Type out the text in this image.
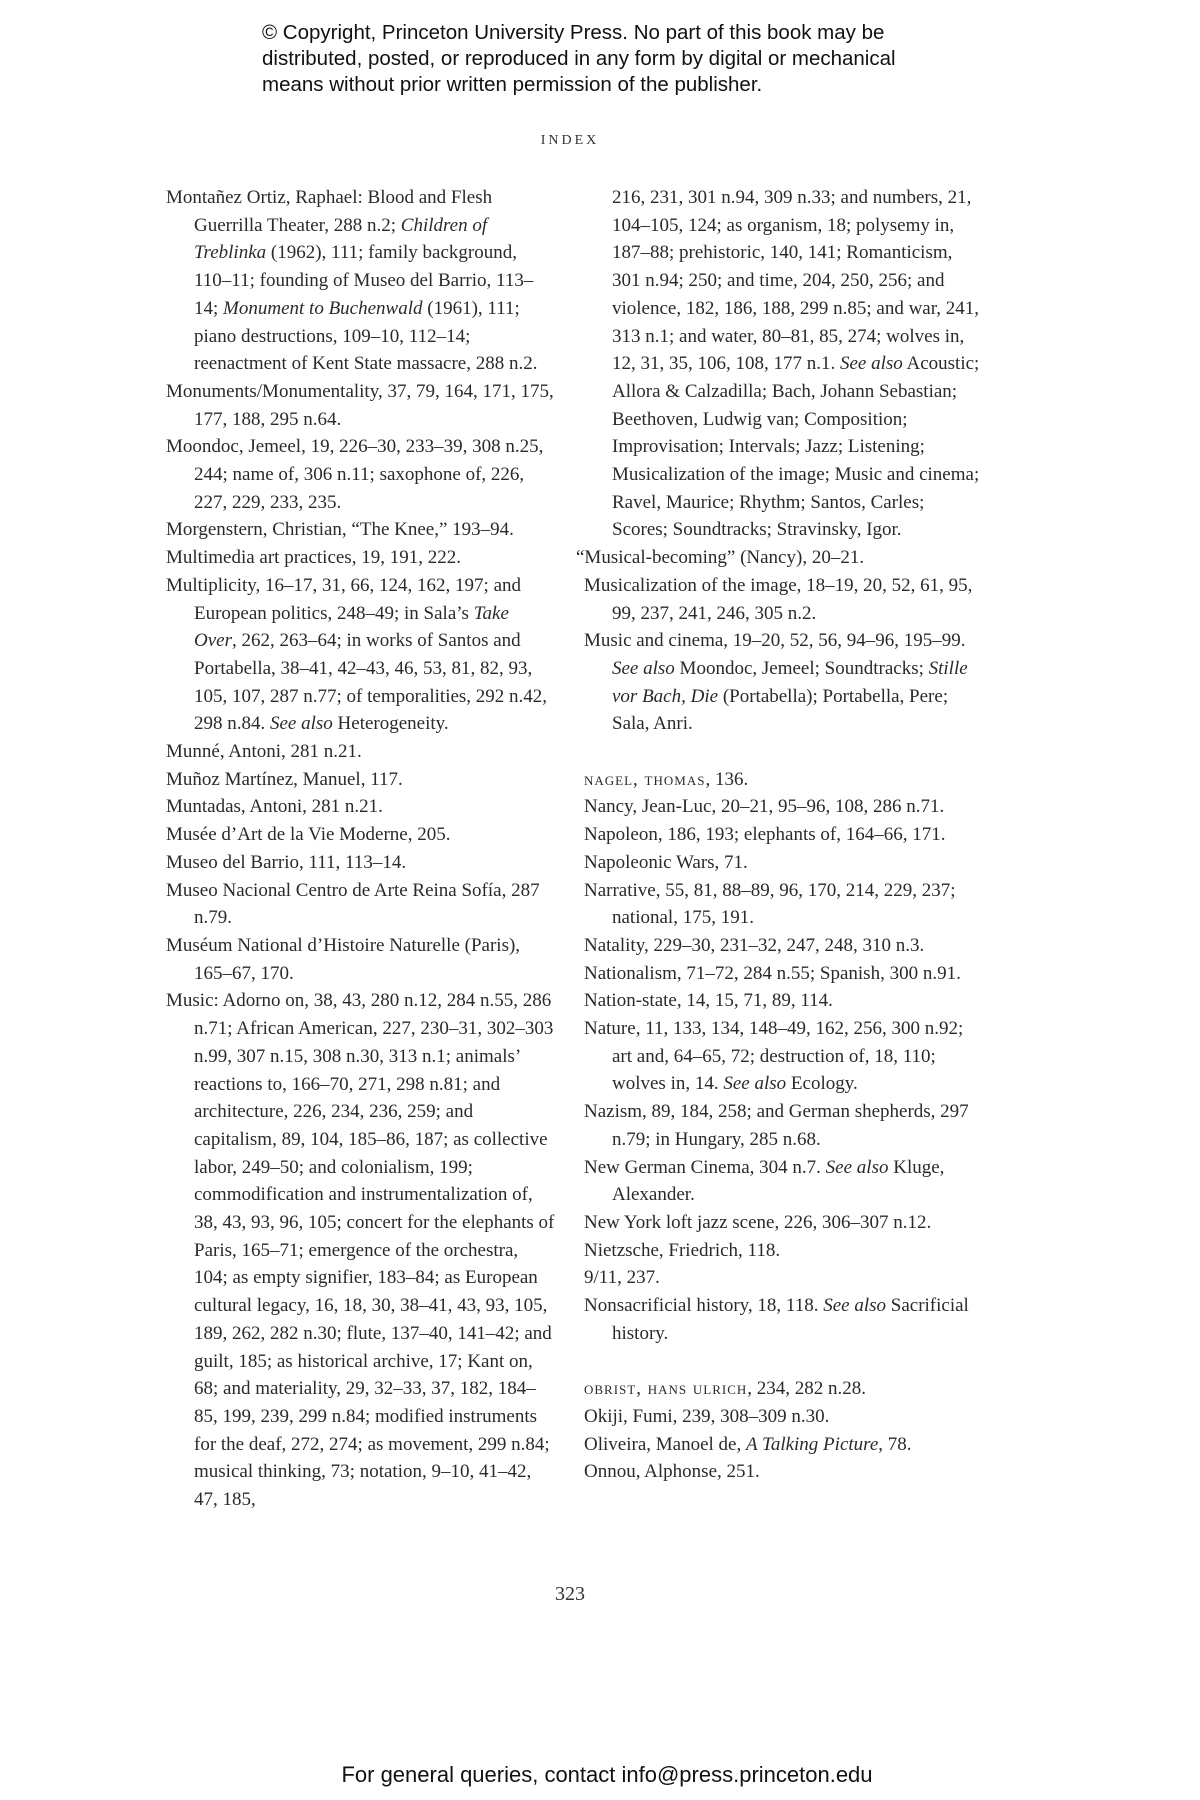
© Copyright, Princeton University Press. No part of this book may be distributed, posted, or reproduced in any form by digital or mechanical means without prior written permission of the publisher.
INDEX

Montañez Ortiz, Raphael: Blood and Flesh Guerrilla Theater, 288 n.2; Children of Treblinka (1962), 111; family background, 110–11; founding of Museo del Barrio, 113–14; Monument to Buchenwald (1961), 111; piano destructions, 109–10, 112–14; reenactment of Kent State massacre, 288 n.2.

Monuments/Monumentality, 37, 79, 164, 171, 175, 177, 188, 295 n.64.

Moondoc, Jemeel, 19, 226–30, 233–39, 308 n.25, 244; name of, 306 n.11; saxophone of, 226, 227, 229, 233, 235.

Morgenstern, Christian, “The Knee,” 193–94.

Multimedia art practices, 19, 191, 222.

Multiplicity, 16–17, 31, 66, 124, 162, 197; and European politics, 248–49; in Sala’s Take Over, 262, 263–64; in works of Santos and Portabella, 38–41, 42–43, 46, 53, 81, 82, 93, 105, 107, 287 n.77; of temporalities, 292 n.42, 298 n.84. See also Heterogeneity.

Munné, Antoni, 281 n.21.

Muñoz Martínez, Manuel, 117.

Muntadas, Antoni, 281 n.21.

Musée d’Art de la Vie Moderne, 205.

Museo del Barrio, 111, 113–14.

Museo Nacional Centro de Arte Reina Sofía, 287 n.79.

Muséum National d’Histoire Naturelle (Paris), 165–67, 170.

Music: Adorno on, 38, 43, 280 n.12, 284 n.55, 286 n.71; African American, 227, 230–31, 302–303 n.99, 307 n.15, 308 n.30, 313 n.1; animals’ reactions to, 166–70, 271, 298 n.81; and architecture, 226, 234, 236, 259; and capitalism, 89, 104, 185–86, 187; as collective labor, 249–50; and colonialism, 199; commodification and instrumentalization of, 38, 43, 93, 96, 105; concert for the elephants of Paris, 165–71; emergence of the orchestra, 104; as empty signifier, 183–84; as European cultural legacy, 16, 18, 30, 38–41, 43, 93, 105, 189, 262, 282 n.30; flute, 137–40, 141–42; and guilt, 185; as historical archive, 17; Kant on, 68; and materiality, 29, 32–33, 37, 182, 184–85, 199, 239, 299 n.84; modified instruments for the deaf, 272, 274; as movement, 299 n.84; musical thinking, 73; notation, 9–10, 41–42, 47, 185,

216, 231, 301 n.94, 309 n.33; and numbers, 21, 104–105, 124; as organism, 18; polysemy in, 187–88; prehistoric, 140, 141; Romanticism, 301 n.94; 250; and time, 204, 250, 256; and violence, 182, 186, 188, 299 n.85; and war, 241, 313 n.1; and water, 80–81, 85, 274; wolves in, 12, 31, 35, 106, 108, 177 n.1. See also Acoustic; Allora & Calzadilla; Bach, Johann Sebastian; Beethoven, Ludwig van; Composition; Improvisation; Intervals; Jazz; Listening; Musicalization of the image; Music and cinema; Ravel, Maurice; Rhythm; Santos, Carles; Scores; Soundtracks; Stravinsky, Igor.

“Musical-becoming” (Nancy), 20–21.

Musicalization of the image, 18–19, 20, 52, 61, 95, 99, 237, 241, 246, 305 n.2.

Music and cinema, 19–20, 52, 56, 94–96, 195–99. See also Moondoc, Jemeel; Soundtracks; Stille vor Bach, Die (Portabella); Portabella, Pere; Sala, Anri.

nagel, thomas, 136.

Nancy, Jean-Luc, 20–21, 95–96, 108, 286 n.71.

Napoleon, 186, 193; elephants of, 164–66, 171.

Napoleonic Wars, 71.

Narrative, 55, 81, 88–89, 96, 170, 214, 229, 237; national, 175, 191.

Natality, 229–30, 231–32, 247, 248, 310 n.3.

Nationalism, 71–72, 284 n.55; Spanish, 300 n.91.

Nation-state, 14, 15, 71, 89, 114.

Nature, 11, 133, 134, 148–49, 162, 256, 300 n.92; art and, 64–65, 72; destruction of, 18, 110; wolves in, 14. See also Ecology.

Nazism, 89, 184, 258; and German shepherds, 297 n.79; in Hungary, 285 n.68.

New German Cinema, 304 n.7. See also Kluge, Alexander.

New York loft jazz scene, 226, 306–307 n.12.

Nietzsche, Friedrich, 118.

9/11, 237.

Nonsacrificial history, 18, 118. See also Sacrificial history.

obrist, hans ulrich, 234, 282 n.28.

Okiji, Fumi, 239, 308–309 n.30.

Oliveira, Manoel de, A Talking Picture, 78.

Onnou, Alphonse, 251.

323
For general queries, contact info@press.princeton.edu
